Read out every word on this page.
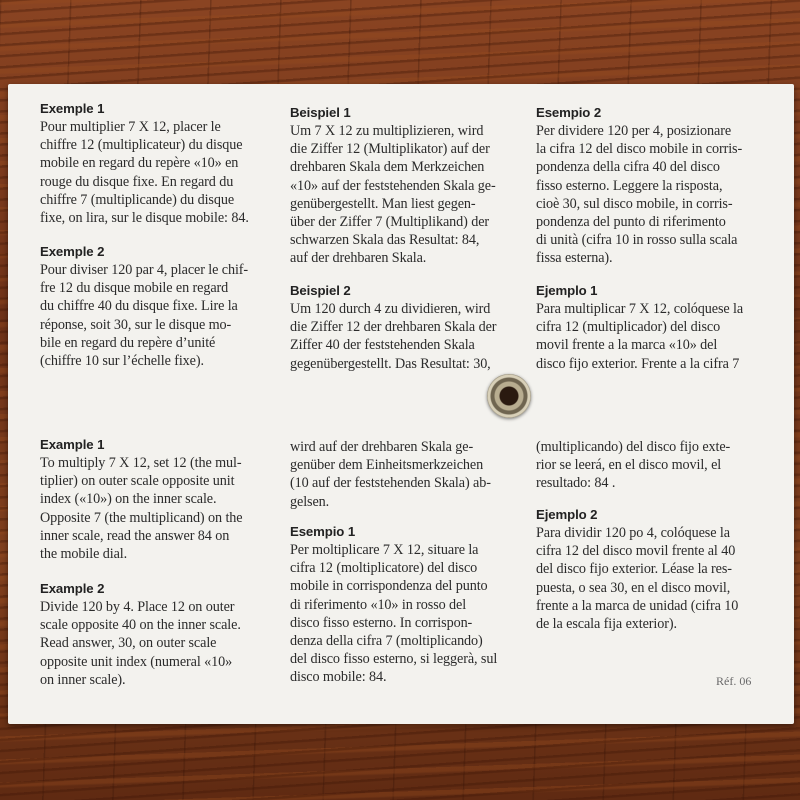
Exemple 1

Pour multiplier 7 X 12, placer le
chiffre 12 (multiplicateur) du disque
mobile en regard du repère «10» en
rouge du disque fixe. En regard du
chiffre 7 (multiplicande) du disque
fixe, on lira, sur le disque mobile: 84.

Exemple 2

Pour diviser 120 par 4, placer le chif-
fre 12 du disque mobile en regard
du chiffre 40 du disque fixe. Lire la
réponse, soit 30, sur le disque mo-
bile en regard du repère d’unité
(chiffre 10 sur l’échelle fixe).

Beispiel 1

Um 7 X 12 zu multiplizieren, wird
die Ziffer 12 (Multiplikator) auf der
drehbaren Skala dem Merkzeichen
«10» auf der feststehenden Skala ge-
genübergestellt. Man liest gegen-
über der Ziffer 7 (Multiplikand) der
schwarzen Skala das Resultat: 84,
auf der drehbaren Skala.

Beispiel 2

Um 120 durch 4 zu dividieren, wird
die Ziffer 12 der drehbaren Skala der
Ziffer 40 der feststehenden Skala
gegenübergestellt. Das Resultat: 30,

Esempio 2

Per dividere 120 per 4, posizionare
la cifra 12 del disco mobile in corris-
pondenza della cifra 40 del disco
fisso esterno. Leggere la risposta,
cioè 30, sul disco mobile, in corris-
pondenza del punto di riferimento
di unità (cifra 10 in rosso sulla scala
fissa esterna).

Ejemplo 1

Para multiplicar 7 X 12, colóquese la
cifra 12 (multiplicador) del disco
movil frente a la marca «10» del
disco fijo exterior. Frente a la cifra 7

Example 1

To multiply 7 X 12, set 12 (the mul-
tiplier) on outer scale opposite unit
index («10») on the inner scale.
Opposite 7 (the multiplicand) on the
inner scale, read the answer 84 on
the mobile dial.

Example 2

Divide 120 by 4. Place 12 on outer
scale opposite 40 on the inner scale.
Read answer, 30, on outer scale
opposite unit index (numeral «10»
on inner scale).

wird auf der drehbaren Skala ge-
genüber dem Einheitsmerkzeichen
(10 auf der feststehenden Skala) ab-
gelsen.

Esempio 1

Per moltiplicare 7 X 12, situare la
cifra 12 (moltiplicatore) del disco
mobile in corrispondenza del punto
di riferimento «10» in rosso del
disco fisso esterno. In corrispon-
denza della cifra 7 (moltiplicando)
del disco fisso esterno, si leggerà, sul
disco mobile: 84.

(multiplicando) del disco fijo exte-
rior se leerá, en el disco movil, el
resultado: 84 .

Ejemplo 2

Para dividir 120 po 4, colóquese la
cifra 12 del disco movil frente al 40
del disco fijo exterior. Léase la res-
puesta, o sea 30, en el disco movil,
frente a la marca de unidad (cifra 10
de la escala fija exterior).

Réf. 06
